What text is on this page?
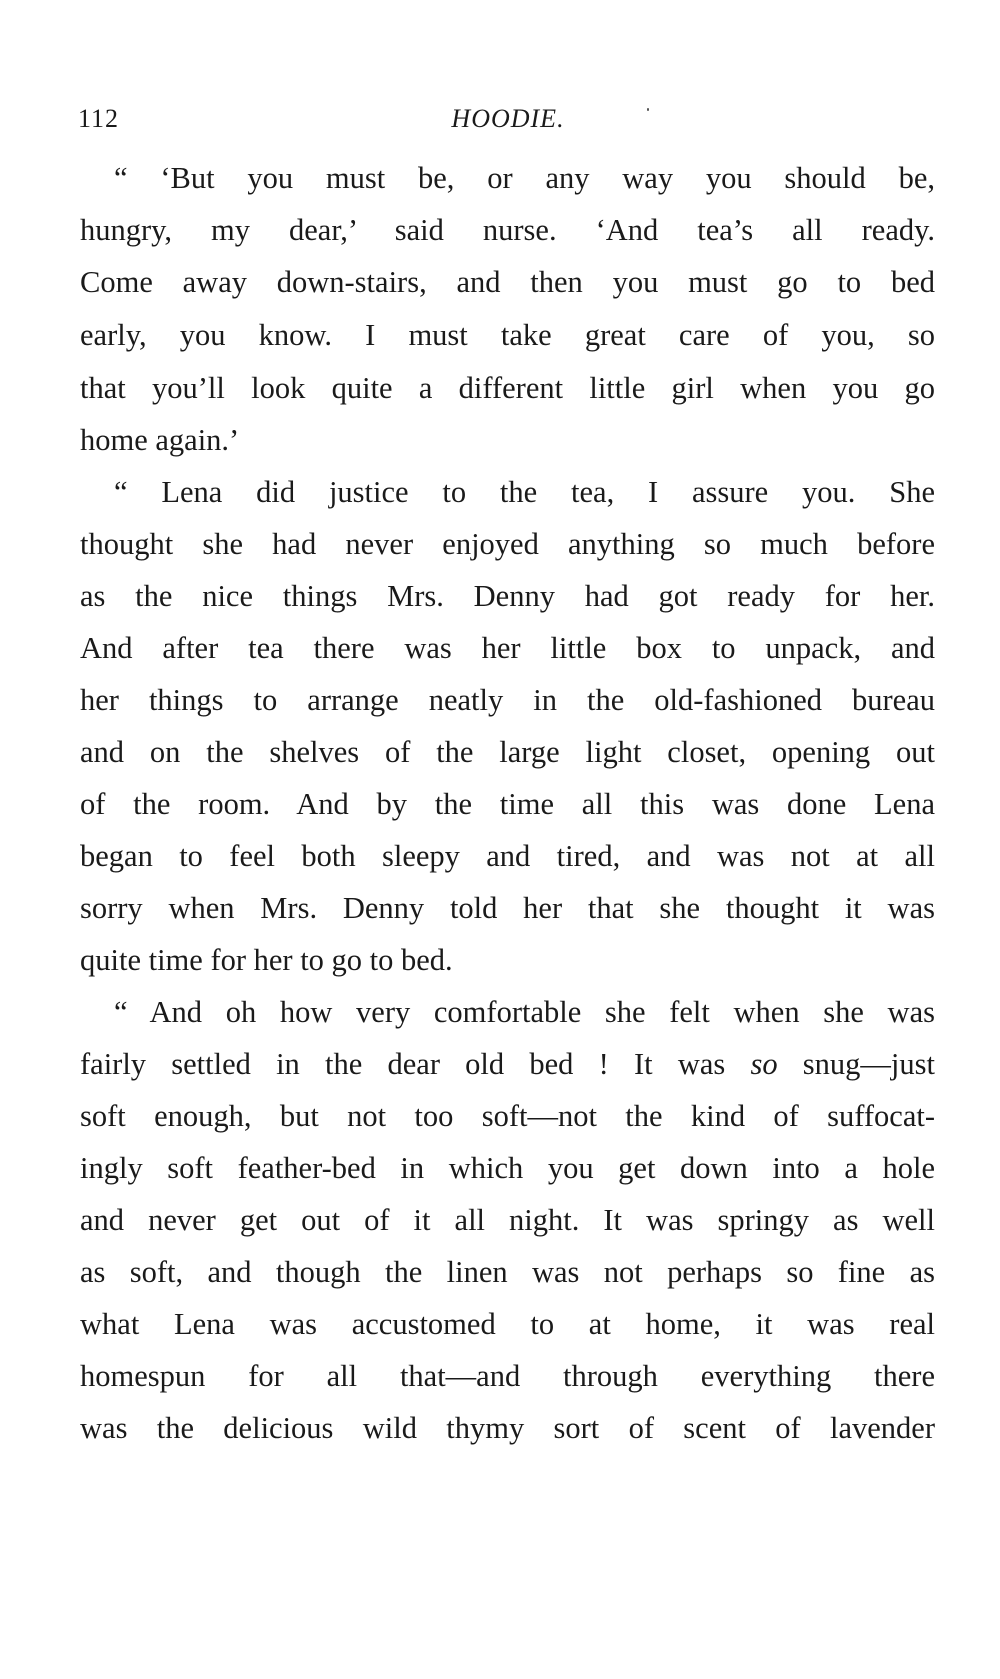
112	HOODIE.
“ ‘But you must be, or any way you should be,
hungry, my dear,’ said nurse. ‘And tea’s all ready.
Come away down-stairs, and then you must go to bed
early, you know. I must take great care of you, so
that you’ll look quite a different little girl when you go
home again.’
“ Lena did justice to the tea, I assure you. She
thought she had never enjoyed anything so much before
as the nice things Mrs. Denny had got ready for her.
And after tea there was her little box to unpack, and
her things to arrange neatly in the old-fashioned bureau
and on the shelves of the large light closet, opening out
of the room. And by the time all this was done Lena
began to feel both sleepy and tired, and was not at all
sorry when Mrs. Denny told her that she thought it was
quite time for her to go to bed.
“ And oh how very comfortable she felt when she was
fairly settled in the dear old bed ! It was so snug—just
soft enough, but not too soft—not the kind of suffocat-
ingly soft feather-bed in which you get down into a hole
and never get out of it all night. It was springy as well
as soft, and though the linen was not perhaps so fine as
what Lena was accustomed to at home, it was real
homespun for all that—and through everything there
was the delicious wild thymy sort of scent of lavender
